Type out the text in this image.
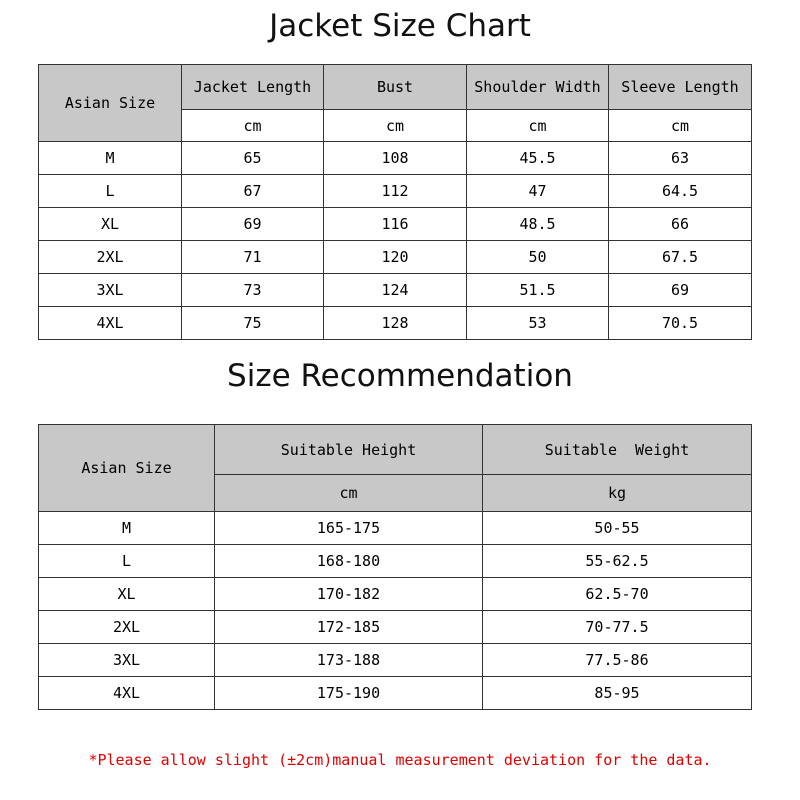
Jacket Size Chart
Asian Size	Jacket Length	Bust	Shoulder Width	Sleeve Length
	cm	cm	cm	cm
M	65	108	45.5	63
L	67	112	47	64.5
XL	69	116	48.5	66
2XL	71	120	50	67.5
3XL	73	124	51.5	69
4XL	75	128	53	70.5
Size Recommendation
Asian Size	Suitable Height	Suitable  Weight
	cm	kg
M	165-175	50-55
L	168-180	55-62.5
XL	170-182	62.5-70
2XL	172-185	70-77.5
3XL	173-188	77.5-86
4XL	175-190	85-95
*Please allow slight (±2cm)manual measurement deviation for the data.
